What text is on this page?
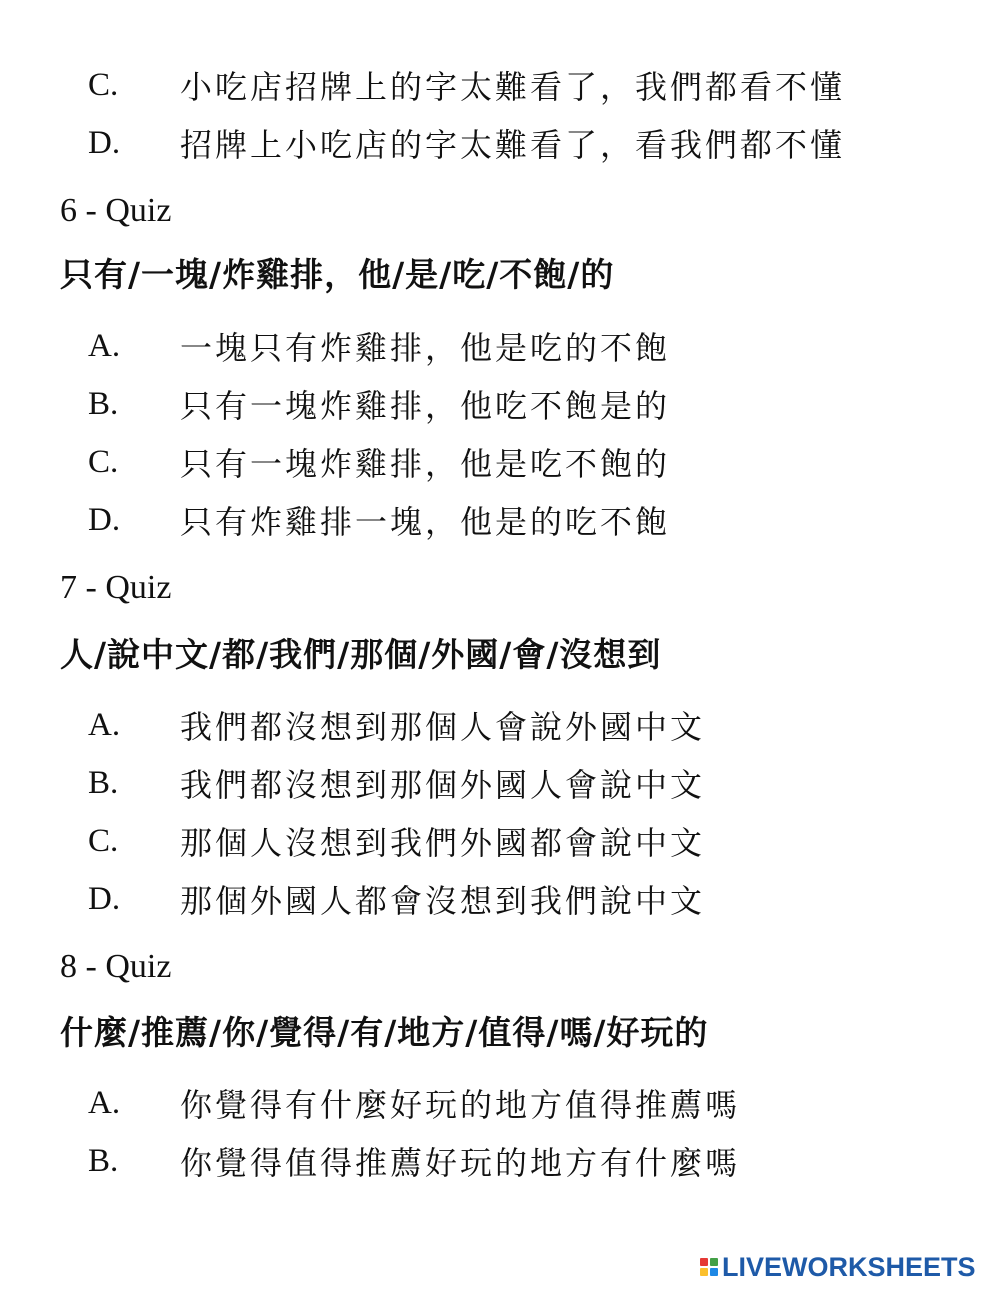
C.	小吃店招牌上的字太難看了，我們都看不懂
D.	招牌上小吃店的字太難看了，看我們都不懂
6 - Quiz
只有/一塊/炸雞排，他/是/吃/不飽/的
A.	一塊只有炸雞排，他是吃的不飽
B.	只有一塊炸雞排，他吃不飽是的
C.	只有一塊炸雞排，他是吃不飽的
D.	只有炸雞排一塊，他是的吃不飽
7 - Quiz
人/說中文/都/我們/那個/外國/會/沒想到
A.	我們都沒想到那個人會說外國中文
B.	我們都沒想到那個外國人會說中文
C.	那個人沒想到我們外國都會說中文
D.	那個外國人都會沒想到我們說中文
8 - Quiz
什麼/推薦/你/覺得/有/地方/值得/嗎/好玩的
A.	你覺得有什麼好玩的地方值得推薦嗎
B.	你覺得值得推薦好玩的地方有什麼嗎
LIVEWORKSHEETS
